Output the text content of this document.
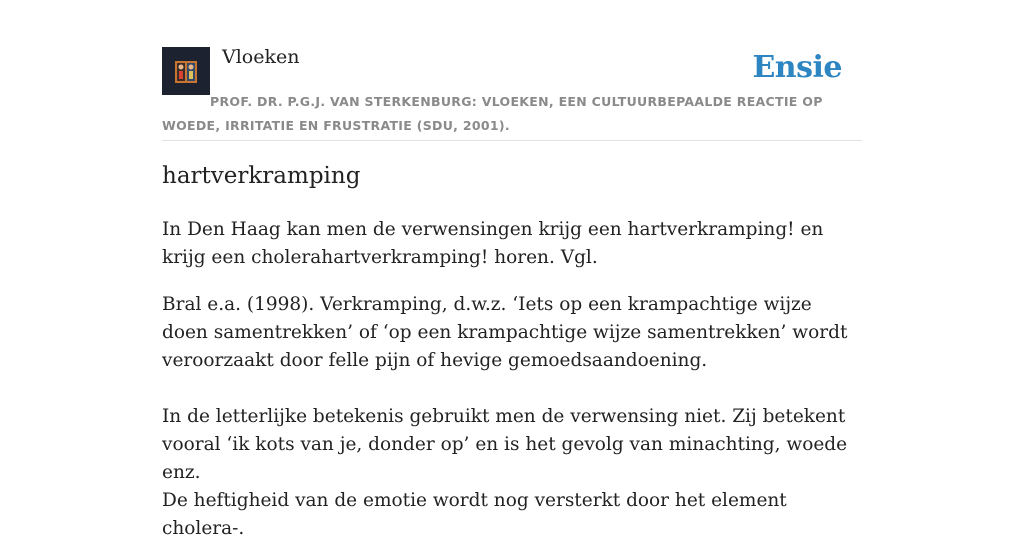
Vloeken	Ensie
PROF. DR. P.G.J. VAN STERKENBURG: VLOEKEN, EEN CULTUURBEPAALDE REACTIE OP WOEDE, IRRITATIE EN FRUSTRATIE (SDU, 2001).
hartverkramping

In Den Haag kan men de verwensingen krijg een hartverkramping! en krijg een cholerahartverkramping! horen. Vgl.

Bral e.a. (1998). Verkramping, d.w.z. ‘Iets op een krampachtige wijze doen samentrekken’ of ‘op een krampachtige wijze samentrekken’ wordt veroorzaakt door felle pijn of hevige gemoedsaandoening.

In de letterlijke betekenis gebruikt men de verwensing niet. Zij betekent vooral ‘ik kots van je, donder op’ en is het gevolg van minachting, woede enz.

De heftigheid van de emotie wordt nog versterkt door het element cholera-.
